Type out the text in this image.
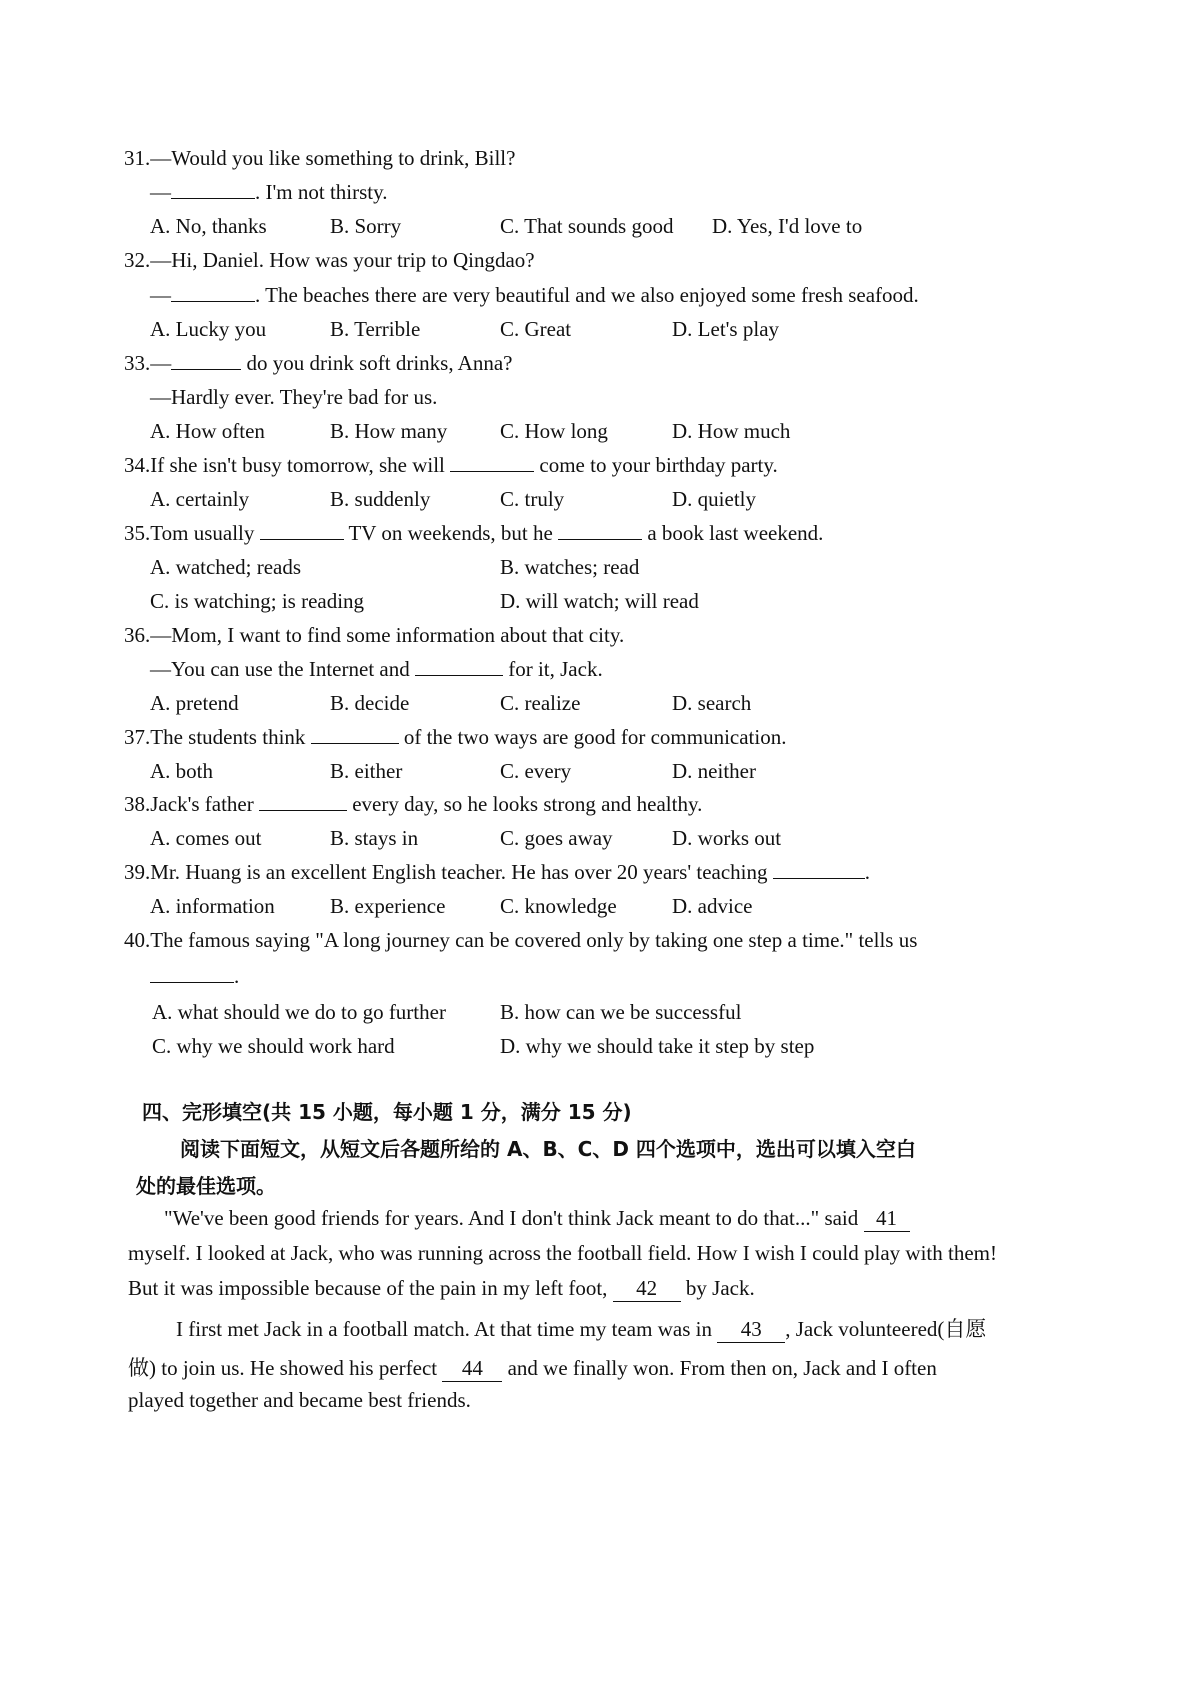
31.—Would you like something to drink, Bill?
—	. I'm not thirsty.
A. No, thanks	B. Sorry	C. That sounds good D. Yes, I'd love to
32.—Hi, Daniel. How was your trip to Qingdao?
—	. The beaches there are very beautiful and we also enjoyed some fresh seafood.
A. Lucky you	B. Terrible	C. Great	D. Let's play
33.—	do you drink soft drinks, Anna?
—Hardly ever. They're bad for us.
A. How often	B. How many	C. How long	D. How much
34.If she isn't busy tomorrow, she will	come to your birthday party.
A. certainly	B. suddenly	C. truly	D. quietly
35.Tom usually	TV on weekends, but he	a book last weekend.
A. watched; reads	B. watches; read
C. is watching; is reading	D. will watch; will read
36.—Mom, I want to find some information about that city.
—You can use the Internet and	for it, Jack.
A. pretend	B. decide	C. realize	D. search
37.The students think	of the two ways are good for communication.
A. both	B. either	C. every	D. neither
38.Jack's father	every day, so he looks strong and healthy.
A. comes out	B. stays in	C. goes away	D. works out
39.Mr. Huang is an excellent English teacher. He has over 20 years' teaching	.
A. information	B. experience	C. knowledge	D. advice
40.The famous saying "A long journey can be covered only by taking one step a time." tells us
.
A. what should we do to go further	B. how can we be successful
C. why we should work hard	D. why we should take it step by step
四、完形填空(共 15 小题，每小题 1 分，满分 15 分)
阅读下面短文，从短文后各题所给的 A、B、C、D 四个选项中，选出可以填入空白
处的最佳选项。
"We've been good friends for years. And I don't think Jack meant to do that..." said 41
myself. I looked at Jack, who was running across the football field. How I wish I could play with them!
But it was impossible because of the pain in my left foot, 42 by Jack.
I first met Jack in a football match. At that time my team was in 43 , Jack volunteered(自愿
做) to join us. He showed his perfect 44 and we finally won. From then on, Jack and I often
played together and became best friends.
